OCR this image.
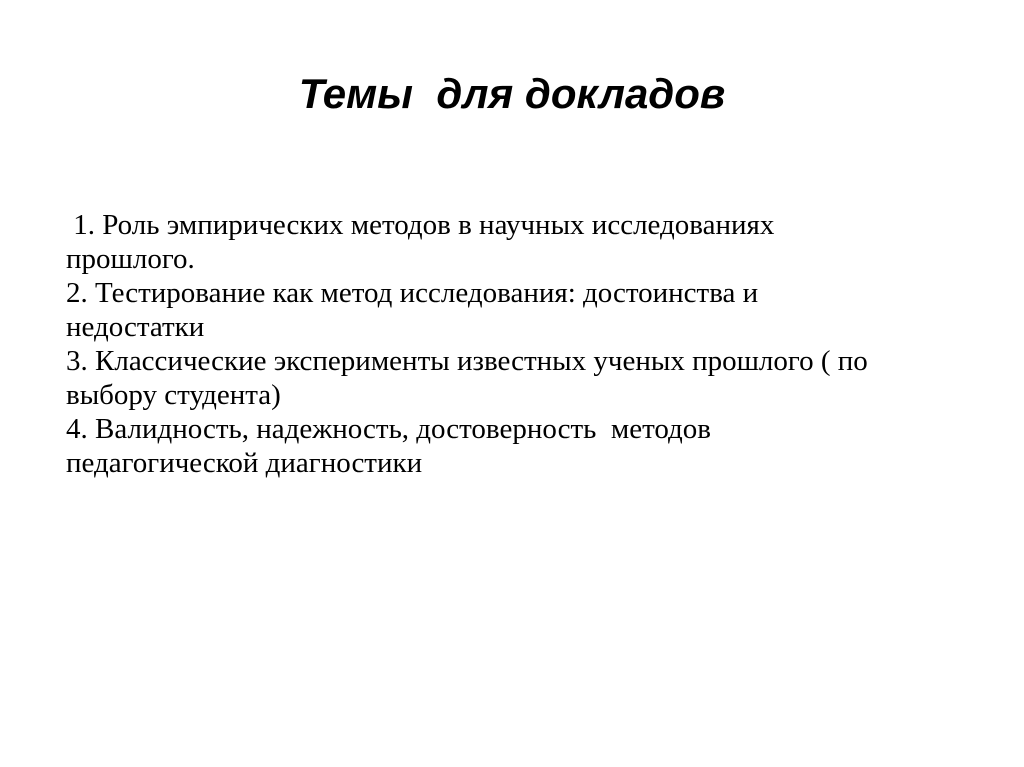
Темы  для докладов
1. Роль эмпирических методов в научных исследованиях
прошлого.
2. Тестирование как метод исследования: достоинства и
недостатки
3. Классические эксперименты известных ученых прошлого ( по
выбору студента)
4. Валидность, надежность, достоверность  методов
педагогической диагностики
